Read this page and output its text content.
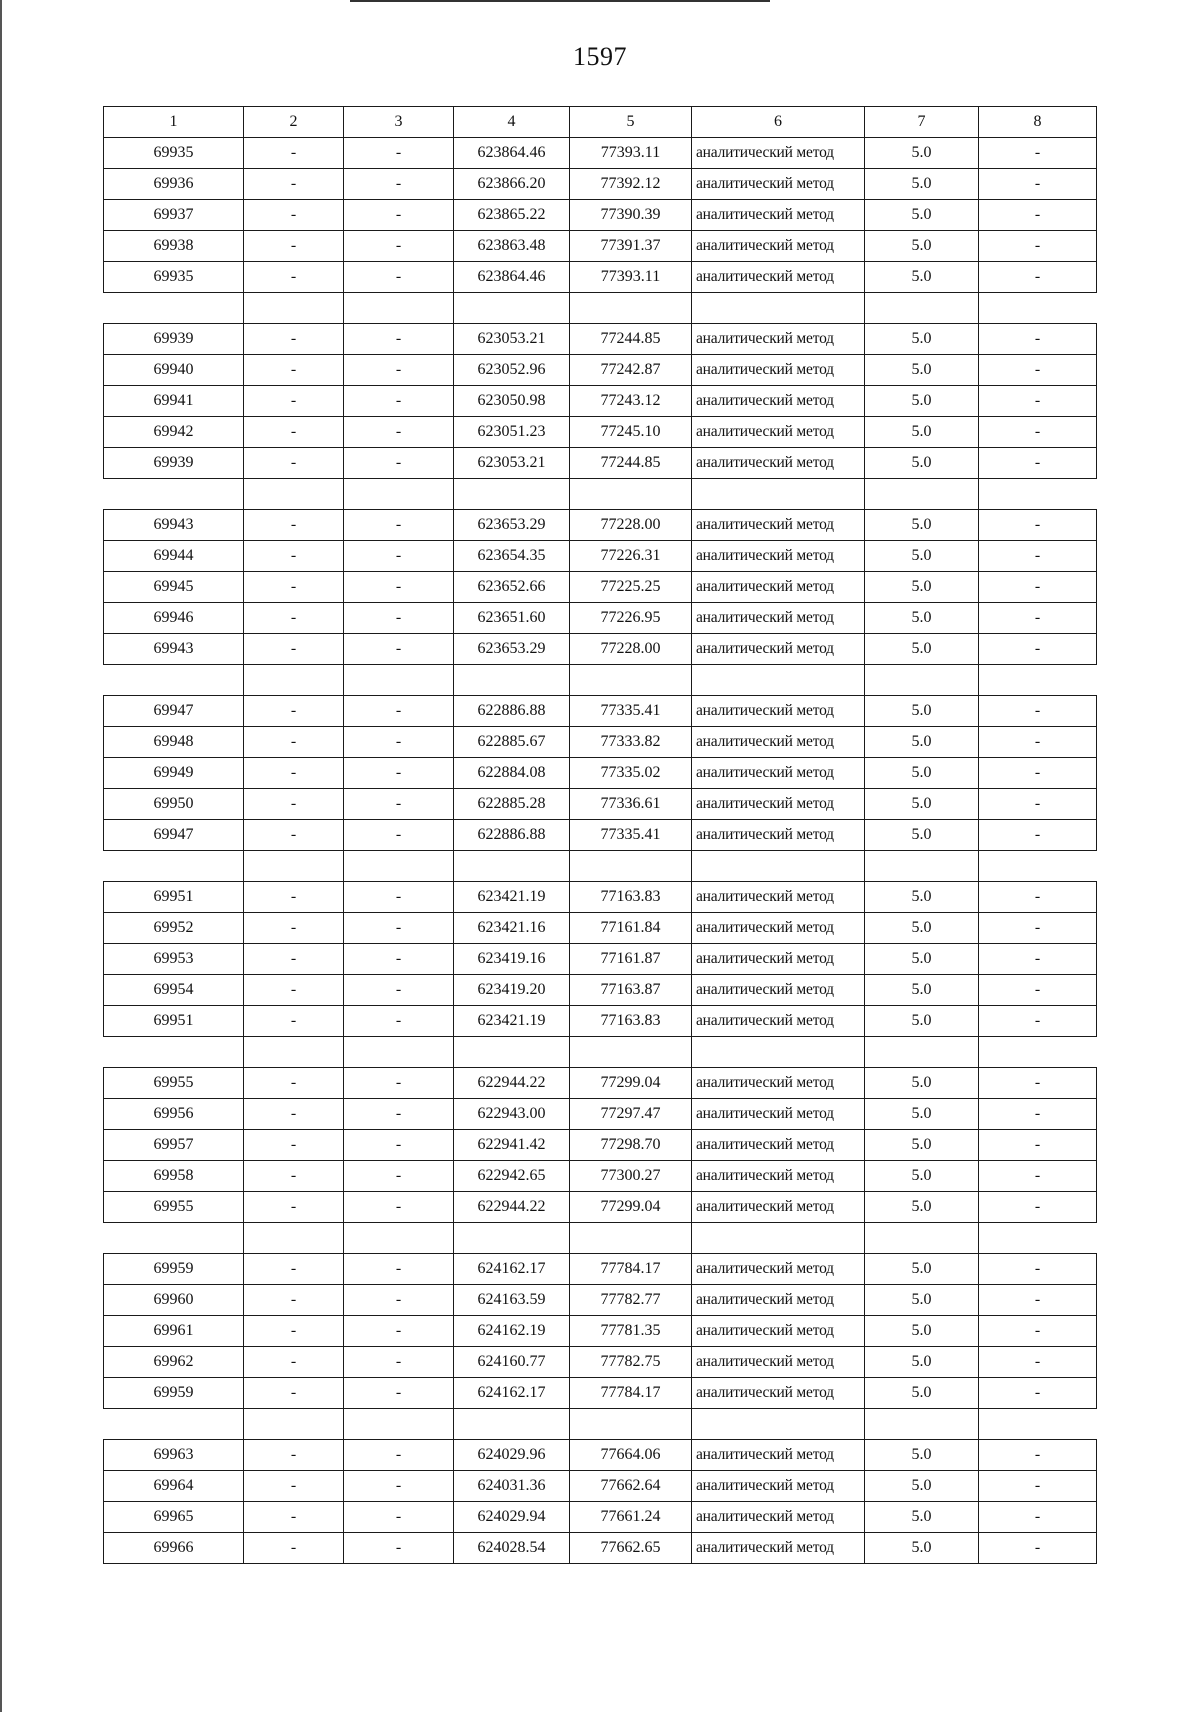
1597
1	2	3	4	5	6	7	8
69935	-	-	623864.46	77393.11	аналитический метод	5.0	-
69936	-	-	623866.20	77392.12	аналитический метод	5.0	-
69937	-	-	623865.22	77390.39	аналитический метод	5.0	-
69938	-	-	623863.48	77391.37	аналитический метод	5.0	-
69935	-	-	623864.46	77393.11	аналитический метод	5.0	-

69939	-	-	623053.21	77244.85	аналитический метод	5.0	-
69940	-	-	623052.96	77242.87	аналитический метод	5.0	-
69941	-	-	623050.98	77243.12	аналитический метод	5.0	-
69942	-	-	623051.23	77245.10	аналитический метод	5.0	-
69939	-	-	623053.21	77244.85	аналитический метод	5.0	-

69943	-	-	623653.29	77228.00	аналитический метод	5.0	-
69944	-	-	623654.35	77226.31	аналитический метод	5.0	-
69945	-	-	623652.66	77225.25	аналитический метод	5.0	-
69946	-	-	623651.60	77226.95	аналитический метод	5.0	-
69943	-	-	623653.29	77228.00	аналитический метод	5.0	-

69947	-	-	622886.88	77335.41	аналитический метод	5.0	-
69948	-	-	622885.67	77333.82	аналитический метод	5.0	-
69949	-	-	622884.08	77335.02	аналитический метод	5.0	-
69950	-	-	622885.28	77336.61	аналитический метод	5.0	-
69947	-	-	622886.88	77335.41	аналитический метод	5.0	-

69951	-	-	623421.19	77163.83	аналитический метод	5.0	-
69952	-	-	623421.16	77161.84	аналитический метод	5.0	-
69953	-	-	623419.16	77161.87	аналитический метод	5.0	-
69954	-	-	623419.20	77163.87	аналитический метод	5.0	-
69951	-	-	623421.19	77163.83	аналитический метод	5.0	-

69955	-	-	622944.22	77299.04	аналитический метод	5.0	-
69956	-	-	622943.00	77297.47	аналитический метод	5.0	-
69957	-	-	622941.42	77298.70	аналитический метод	5.0	-
69958	-	-	622942.65	77300.27	аналитический метод	5.0	-
69955	-	-	622944.22	77299.04	аналитический метод	5.0	-

69959	-	-	624162.17	77784.17	аналитический метод	5.0	-
69960	-	-	624163.59	77782.77	аналитический метод	5.0	-
69961	-	-	624162.19	77781.35	аналитический метод	5.0	-
69962	-	-	624160.77	77782.75	аналитический метод	5.0	-
69959	-	-	624162.17	77784.17	аналитический метод	5.0	-

69963	-	-	624029.96	77664.06	аналитический метод	5.0	-
69964	-	-	624031.36	77662.64	аналитический метод	5.0	-
69965	-	-	624029.94	77661.24	аналитический метод	5.0	-
69966	-	-	624028.54	77662.65	аналитический метод	5.0	-
